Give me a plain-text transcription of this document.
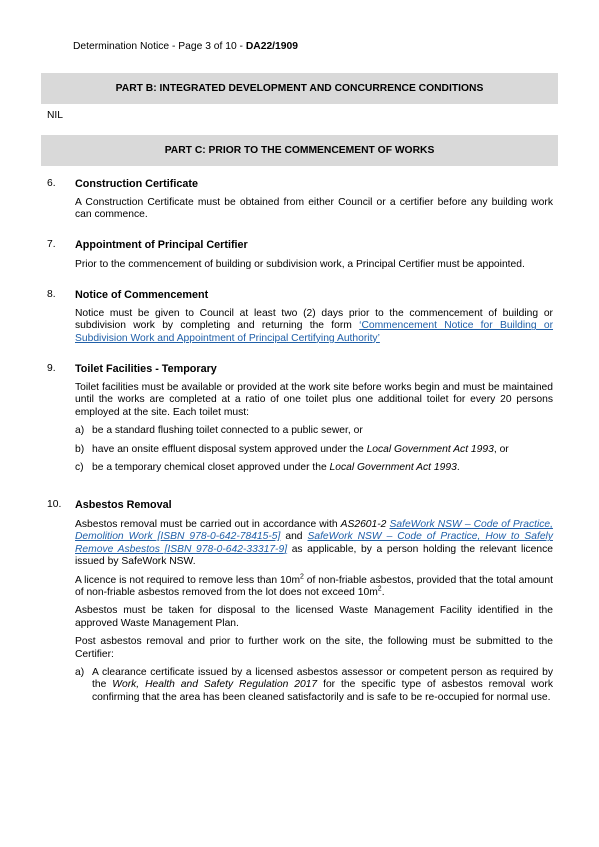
Determination Notice - Page 3 of 10 - DA22/1909
PART B: INTEGRATED DEVELOPMENT AND CONCURRENCE CONDITIONS
NIL
PART C: PRIOR TO THE COMMENCEMENT OF WORKS
6.	Construction Certificate

A Construction Certificate must be obtained from either Council or a certifier before any building work can commence.

7.	Appointment of Principal Certifier

Prior to the commencement of building or subdivision work, a Principal Certifier must be appointed.

8.	Notice of Commencement

Notice must be given to Council at least two (2) days prior to the commencement of building or subdivision work by completing and returning the form ‘Commencement Notice for Building or Subdivision Work and Appointment of Principal Certifying Authority’

9.	Toilet Facilities - Temporary

Toilet facilities must be available or provided at the work site before works begin and must be maintained until the works are completed at a ratio of one toilet plus one additional toilet for every 20 persons employed at the site. Each toilet must:

a) be a standard flushing toilet connected to a public sewer, or
b) have an onsite effluent disposal system approved under the Local Government Act 1993, or
c) be a temporary chemical closet approved under the Local Government Act 1993.
10.	Asbestos Removal

Asbestos removal must be carried out in accordance with AS2601-2 SafeWork NSW – Code of Practice, Demolition Work [ISBN 978-0-642-78415-5] and SafeWork NSW – Code of Practice, How to Safely Remove Asbestos [ISBN 978-0-642-33317-9] as applicable, by a person holding the relevant licence issued by SafeWork NSW.

A licence is not required to remove less than $10m^2$ of non-friable asbestos, provided that the total amount of non-friable asbestos removed from the lot does not exceed $10m^2$.

Asbestos must be taken for disposal to the licensed Waste Management Facility identified in the approved Waste Management Plan.

Post asbestos removal and prior to further work on the site, the following must be submitted to the Certifier:

a) A clearance certificate issued by a licensed asbestos assessor or competent person as required by the Work, Health and Safety Regulation 2017 for the specific type of asbestos removal work confirming that the area has been cleaned satisfactorily and is safe to be re-occupied for normal use.
